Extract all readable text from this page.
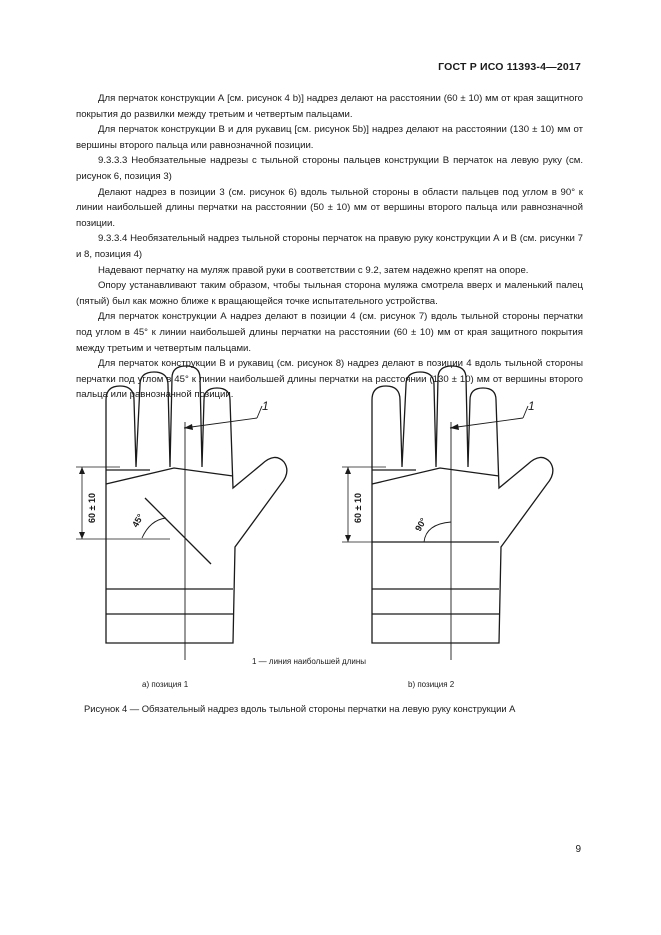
ГОСТ Р ИСО 11393-4—2017

Для перчаток конструкции А [см. рисунок 4 b)] надрез делают на расстоянии (60 ± 10) мм от края защитного покрытия до развилки между третьим и четвертым пальцами.

Для перчаток конструкции В и для рукавиц [см. рисунок 5b)] надрез делают на расстоянии (130 ± 10) мм от вершины второго пальца или равнозначной позиции.

9.3.3.3 Необязательные надрезы с тыльной стороны пальцев конструкции В перчаток на левую руку (см. рисунок 6, позиция 3)

Делают надрез в позиции 3 (см. рисунок 6) вдоль тыльной стороны в области пальцев под углом в 90° к линии наибольшей длины перчатки на расстоянии (50 ± 10) мм от вершины второго пальца или равнозначной позиции.

9.3.3.4 Необязательный надрез тыльной стороны перчаток на правую руку конструкции А и В (см. рисунки 7 и 8, позиция 4)

Надевают перчатку на муляж правой руки в соответствии с 9.2, затем надежно крепят на опоре.

Опору устанавливают таким образом, чтобы тыльная сторона муляжа смотрела вверх и маленький палец (пятый) был как можно ближе к вращающейся точке испытательного устройства.

Для перчаток конструкции А надрез делают в позиции 4 (см. рисунок 7) вдоль тыльной стороны перчатки под углом в 45° к линии наибольшей длины перчатки на расстоянии (60 ± 10) мм от края защитного покрытия между третьим и четвертым пальцами.

Для перчаток конструкции В и рукавиц (см. рисунок 8) надрез делают в позиции 4 вдоль тыльной стороны перчатки под углом в 45° к линии наибольшей длины перчатки на расстоянии (130 ± 10) мм от вершины второго пальца или равнозначной позиции.

1	1
60 ± 10	60 ± 10
45°	90°
1 — линия наибольшей длины
а) позиция 1	b) позиция 2
Рисунок 4 — Обязательный надрез вдоль тыльной стороны перчатки на левую руку конструкции А
9
